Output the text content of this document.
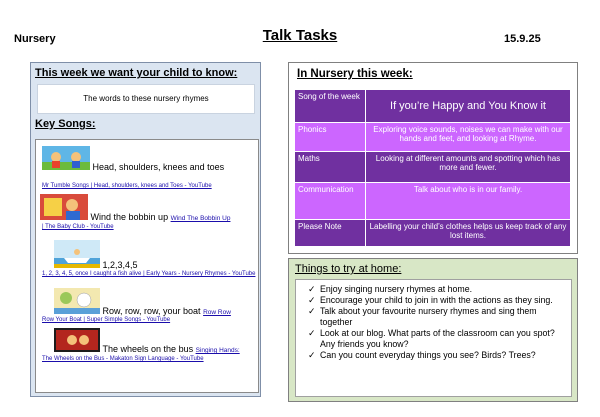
Nursery	Talk Tasks	15.9.25
This week we want your child to know:
The words to these nursery rhymes
Key Songs:
Head, shoulders, knees and toes
Mr Tumble Songs | Head, shoulders, knees and Toes - YouTube
Wind the bobbin up Wind The Bobbin Up
| The Baby Club - YouTube
1,2,3,4,5
1, 2, 3, 4, 5, once I caught a fish alive | Early Years - Nursery Rhymes - YouTube
Row, row, row, your boat Row Row
Row Your Boat | Super Simple Songs - YouTube
The wheels on the bus Singing Hands:
The Wheels on the Bus - Makaton Sign Language - YouTube
In Nursery this week:
Song of the week	If you’re Happy and You Know it
Phonics	Exploring voice sounds, noises we can make with our hands and feet, and looking at Rhyme.
Maths	Looking at different amounts and spotting which has more and fewer.
Communication	Talk about who is in our family.
Please Note	Labelling your child’s clothes helps us keep track of any lost items.
Things to try at home:
✓ Enjoy singing nursery rhymes at home.
✓ Encourage your child to join in with the actions as they sing.
✓ Talk about your favourite nursery rhymes and sing them together
✓ Look at our blog. What parts of the classroom can you spot? Any friends you know?
✓ Can you count everyday things you see? Birds? Trees?
